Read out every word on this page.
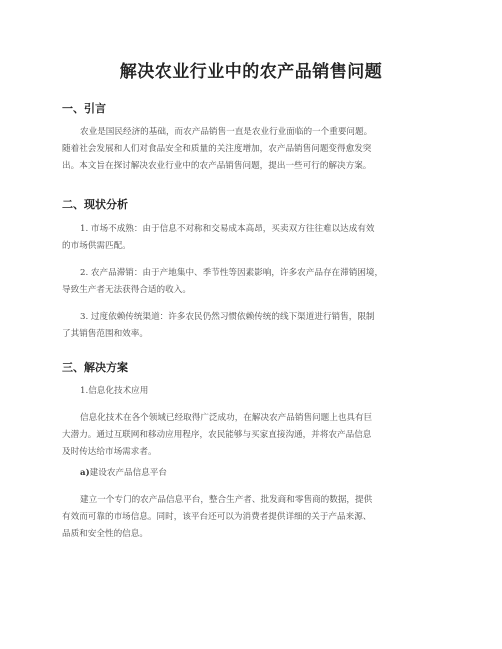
解决农业行业中的农产品销售问题
一、引言
农业是国民经济的基础，而农产品销售一直是农业行业面临的一个重要问题。
随着社会发展和人们对食品安全和质量的关注度增加，农产品销售问题变得愈发突
出。本文旨在探讨解决农业行业中的农产品销售问题，提出一些可行的解决方案。
二、现状分析
1. 市场不成熟：由于信息不对称和交易成本高昂，买卖双方往往难以达成有效
的市场供需匹配。
2. 农产品滞销：由于产地集中、季节性等因素影响，许多农产品存在滞销困境，
导致生产者无法获得合适的收入。
3. 过度依赖传统渠道：许多农民仍然习惯依赖传统的线下渠道进行销售，限制
了其销售范围和效率。
三、解决方案
1.信息化技术应用
信息化技术在各个领域已经取得广泛成功，在解决农产品销售问题上也具有巨
大潜力。通过互联网和移动应用程序，农民能够与买家直接沟通，并将农产品信息
及时传达给市场需求者。
a)建设农产品信息平台
建立一个专门的农产品信息平台，整合生产者、批发商和零售商的数据，提供
有效而可靠的市场信息。同时，该平台还可以为消费者提供详细的关于产品来源、
品质和安全性的信息。
